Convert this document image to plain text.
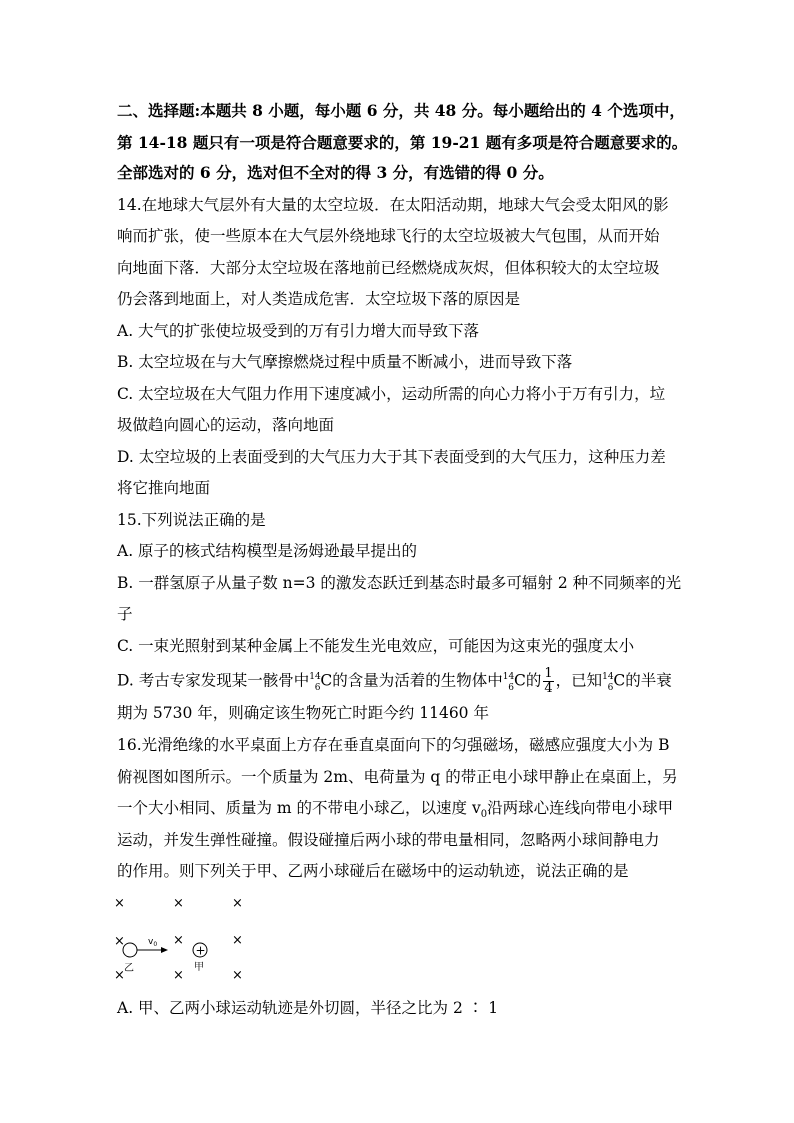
二、选择题:本题共 8 小题，每小题 6 分，共 48 分。每小题给出的 4 个选项中，
第 14-18 题只有一项是符合题意要求的，第 19-21 题有多项是符合题意要求的。
全部选对的 6 分，选对但不全对的得 3 分，有选错的得 0 分。
14.在地球大气层外有大量的太空垃圾．在太阳活动期，地球大气会受太阳风的影
响而扩张，使一些原本在大气层外绕地球飞行的太空垃圾被大气包围，从而开始
向地面下落．大部分太空垃圾在落地前已经燃烧成灰烬，但体积较大的太空垃圾
仍会落到地面上，对人类造成危害．太空垃圾下落的原因是
A. 大气的扩张使垃圾受到的万有引力增大而导致下落
B. 太空垃圾在与大气摩擦燃烧过程中质量不断减小，进而导致下落
C. 太空垃圾在大气阻力作用下速度减小，运动所需的向心力将小于万有引力，垃
圾做趋向圆心的运动，落向地面
D. 太空垃圾的上表面受到的大气压力大于其下表面受到的大气压力，这种压力差
将它推向地面
15.下列说法正确的是
A. 原子的核式结构模型是汤姆逊最早提出的
B. 一群氢原子从量子数 n=3 的激发态跃迁到基态时最多可辐射 2 种不同频率的光
子
C. 一束光照射到某种金属上不能发生光电效应，可能因为这束光的强度太小
D. 考古专家发现某一骸骨中$^{14}_6$C的含量为活着的生物体中$^{14}_6$C的 $\frac{1}{4}$ ，已知$^{14}_6$C的半衰
期为 5730 年，则确定该生物死亡时距今约 11460 年
16.光滑绝缘的水平桌面上方存在垂直桌面向下的匀强磁场，磁感应强度大小为 B
俯视图如图所示。一个质量为 2m、电荷量为 q 的带正电小球甲静止在桌面上，另
一个大小相同、质量为 m 的不带电小球乙，以速度 $v_0$沿两球心连线向带电小球甲
运动，并发生弹性碰撞。假设碰撞后两小球的带电量相同，忽略两小球间静电力
的作用。则下列关于甲、乙两小球碰后在磁场中的运动轨迹，说法正确的是
×	×	×
×	×	×
×	×	×
$v_0$	+
乙	甲
A. 甲、乙两小球运动轨迹是外切圆，半径之比为 2 ∶ 1
